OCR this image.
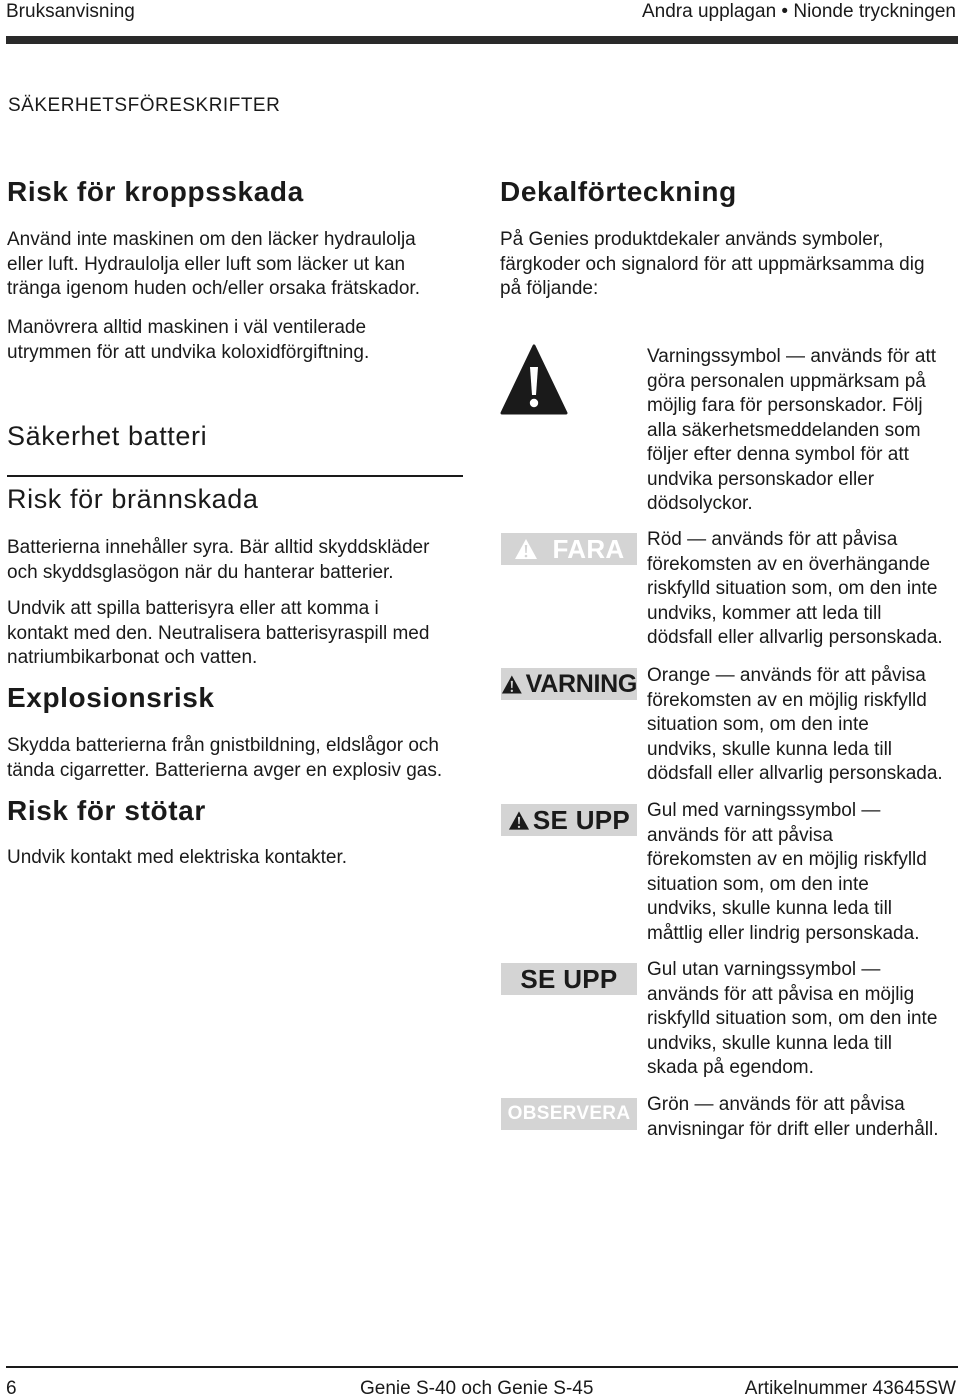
Bruksanvisning	Andra upplagan • Nionde tryckningen
SÄKERHETSFÖRESKRIFTER
Risk för kroppsskada
Använd inte maskinen om den läcker hydraulolja
eller luft. Hydraulolja eller luft som läcker ut kan
tränga igenom huden och/eller orsaka frätskador.
Manövrera alltid maskinen i väl ventilerade
utrymmen för att undvika koloxidförgiftning.
Säkerhet batteri
Risk för brännskada
Batterierna innehåller syra. Bär alltid skyddskläder
och skyddsglasögon när du hanterar batterier.
Undvik att spilla batterisyra eller att komma i
kontakt med den. Neutralisera batterisyraspill med
natriumbikarbonat och vatten.
Explosionsrisk
Skydda batterierna från gnistbildning, eldslågor och
tända cigarretter. Batterierna avger en explosiv gas.
Risk för stötar
Undvik kontakt med elektriska kontakter.
Dekalförteckning
På Genies produktdekaler används symboler,
färgkoder och signalord för att uppmärksamma dig
på följande:
Varningssymbol — används för att
göra personalen uppmärksam på
möjlig fara för personskador. Följ
alla säkerhetsmeddelanden som
följer efter denna symbol för att
undvika personskador eller
dödsolyckor.
FARA Röd — används för att påvisa
förekomsten av en överhängande
riskfylld situation som, om den inte
undviks, kommer att leda till
dödsfall eller allvarlig personskada.
VARNING Orange — används för att påvisa
förekomsten av en möjlig riskfylld
situation som, om den inte
undviks, skulle kunna leda till
dödsfall eller allvarlig personskada.
SE UPP Gul med varningssymbol —
används för att påvisa
förekomsten av en möjlig riskfylld
situation som, om den inte
undviks, skulle kunna leda till
måttlig eller lindrig personskada.
SE UPP Gul utan varningssymbol —
används för att påvisa en möjlig
riskfylld situation som, om den inte
undviks, skulle kunna leda till
skada på egendom.
OBSERVERA Grön — används för att påvisa
anvisningar för drift eller underhåll.
6	Genie S-40 och Genie S-45	Artikelnummer 43645SW
